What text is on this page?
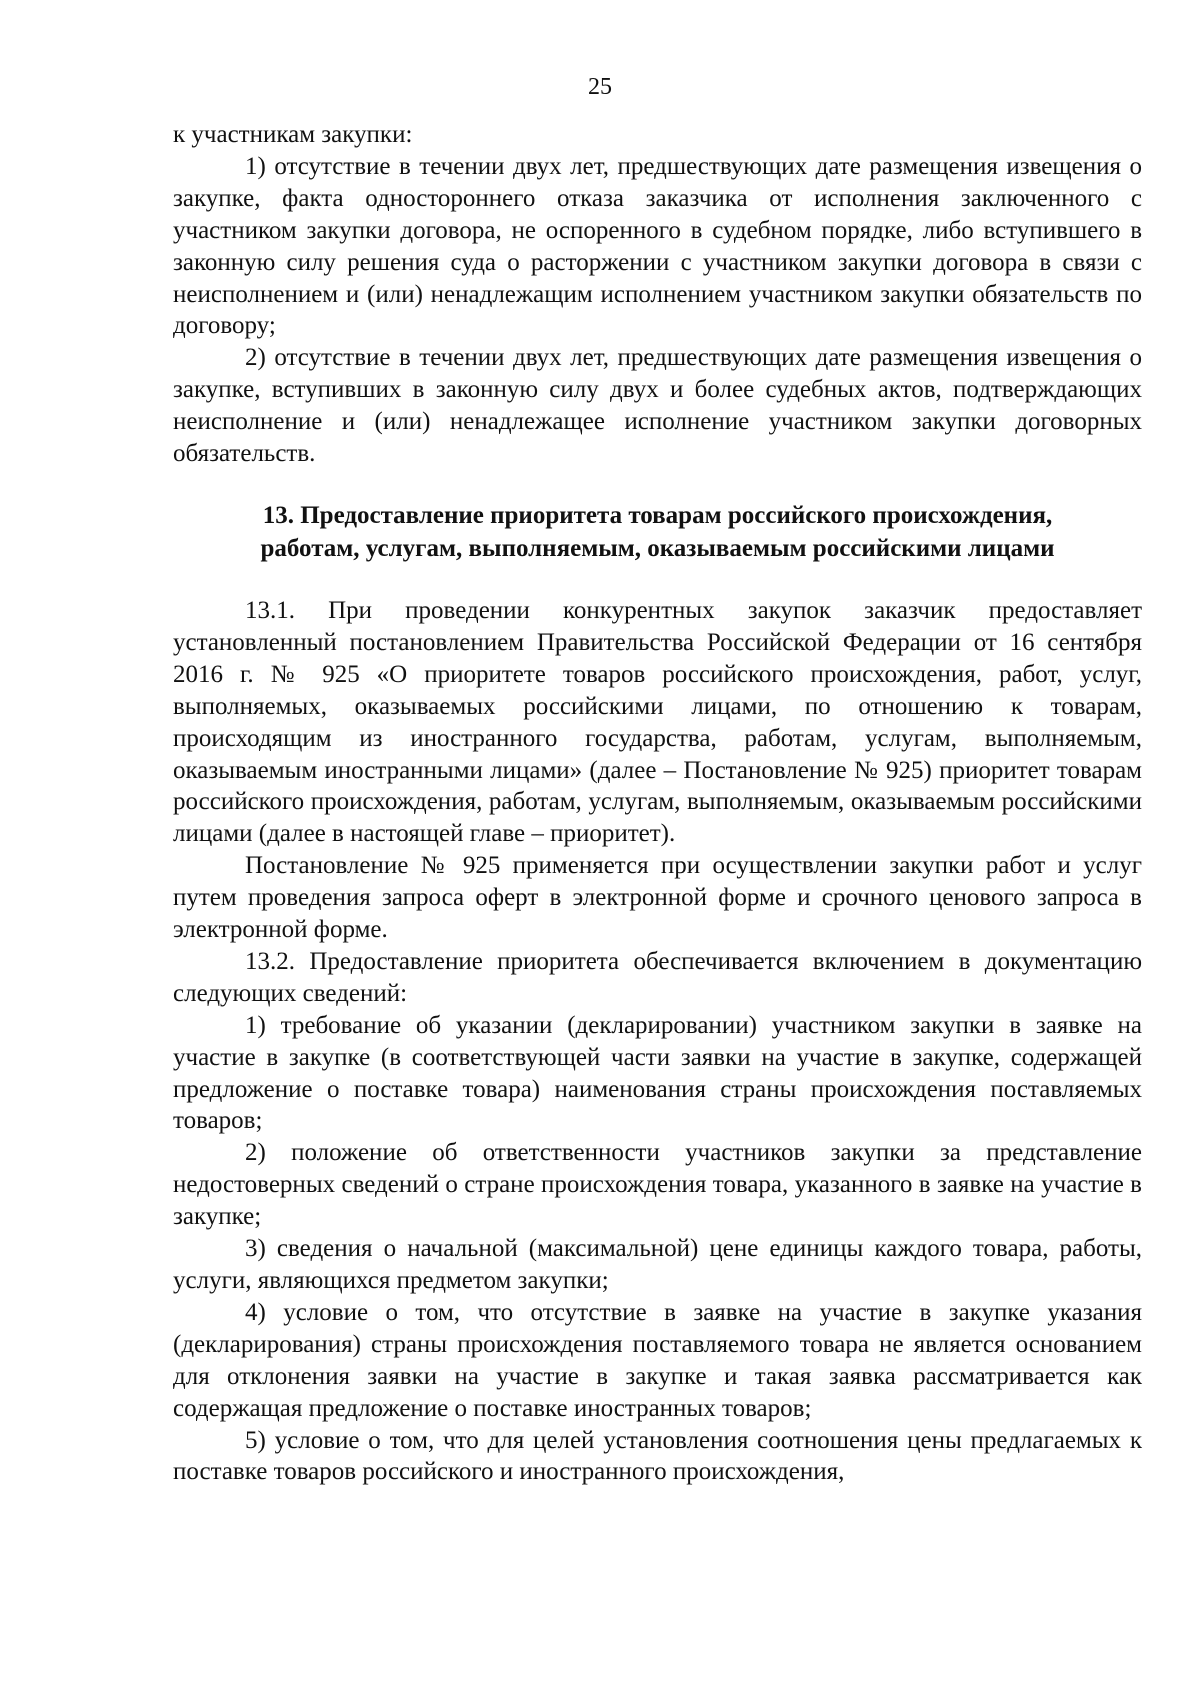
25

к участникам закупки:

1) отсутствие в течении двух лет, предшествующих дате размещения извещения о закупке, факта одностороннего отказа заказчика от исполнения заключенного с участником закупки договора, не оспоренного в судебном порядке, либо вступившего в законную силу решения суда о расторжении с участником закупки договора в связи с неисполнением и (или) ненадлежащим исполнением участником закупки обязательств по договору;

2) отсутствие в течении двух лет, предшествующих дате размещения извещения о закупке, вступивших в законную силу двух и более судебных актов, подтверждающих неисполнение и (или) ненадлежащее исполнение участником закупки договорных обязательств.

13. Предоставление приоритета товарам российского происхождения,
работам, услугам, выполняемым, оказываемым российскими лицами

13.1. При проведении конкурентных закупок заказчик предоставляет установленный постановлением Правительства Российской Федерации от 16 сентября 2016 г. № 925 «О приоритете товаров российского происхождения, работ, услуг, выполняемых, оказываемых российскими лицами, по отношению к товарам, происходящим из иностранного государства, работам, услугам, выполняемым, оказываемым иностранными лицами» (далее – Постановление № 925) приоритет товарам российского происхождения, работам, услугам, выполняемым, оказываемым российскими лицами (далее в настоящей главе – приоритет).

Постановление № 925 применяется при осуществлении закупки работ и услуг путем проведения запроса оферт в электронной форме и срочного ценового запроса в электронной форме.

13.2. Предоставление приоритета обеспечивается включением в документацию следующих сведений:

1) требование об указании (декларировании) участником закупки в заявке на участие в закупке (в соответствующей части заявки на участие в закупке, содержащей предложение о поставке товара) наименования страны происхождения поставляемых товаров;

2) положение об ответственности участников закупки за представление недостоверных сведений о стране происхождения товара, указанного в заявке на участие в закупке;

3) сведения о начальной (максимальной) цене единицы каждого товара, работы, услуги, являющихся предметом закупки;

4) условие о том, что отсутствие в заявке на участие в закупке указания (декларирования) страны происхождения поставляемого товара не является основанием для отклонения заявки на участие в закупке и такая заявка рассматривается как содержащая предложение о поставке иностранных товаров;

5) условие о том, что для целей установления соотношения цены предлагаемых к поставке товаров российского и иностранного происхождения,
